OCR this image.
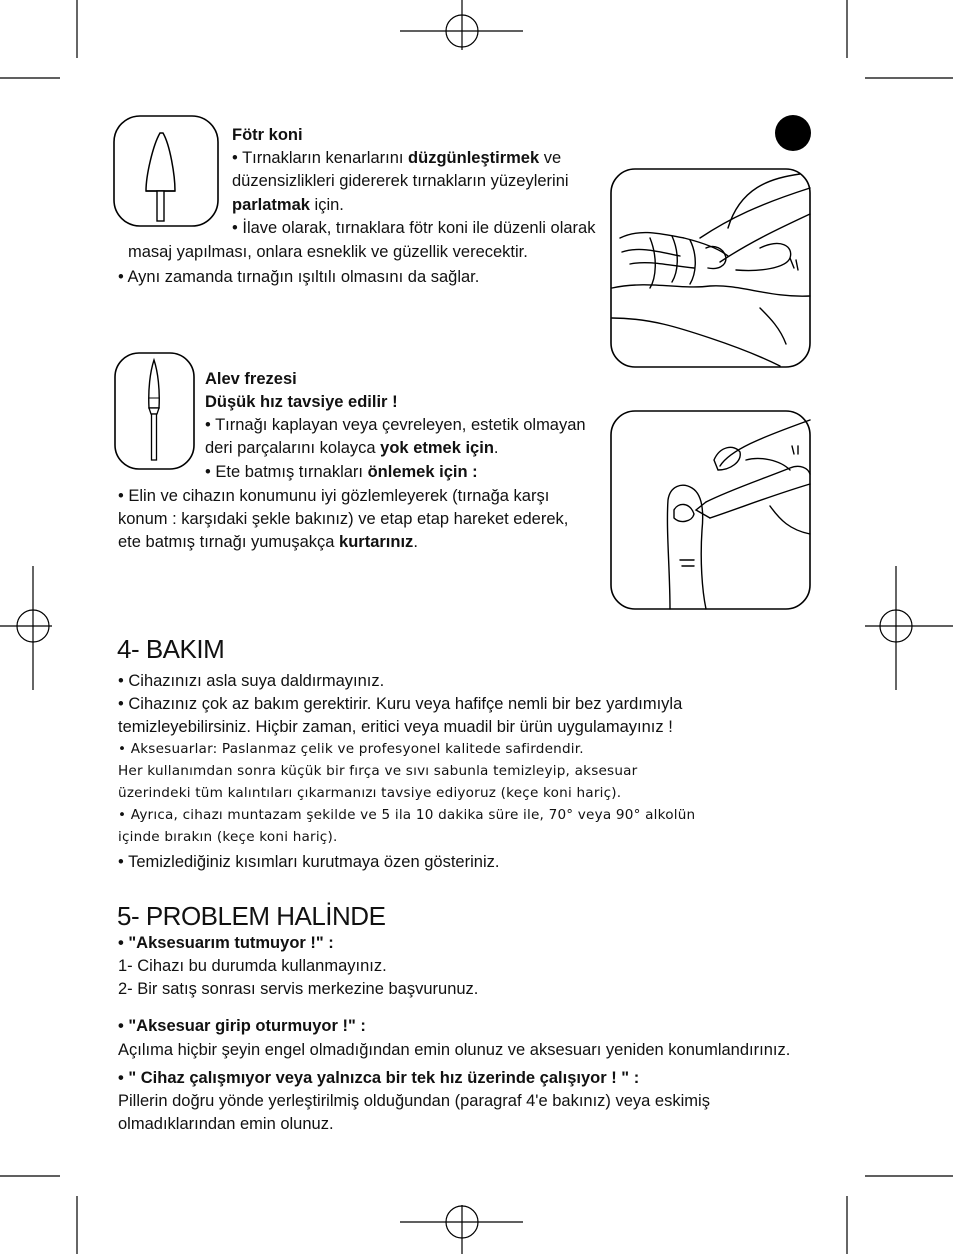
Fötr koni

• Tırnakların kenarlarını düzgünleştirmek ve

düzensizlikleri gidererek tırnakların yüzeylerini

parlatmak için.

• İlave olarak, tırnaklara fötr koni ile düzenli olarak

masaj yapılması, onlara esneklik ve güzellik verecektir.

• Aynı zamanda tırnağın ışıltılı olmasını da sağlar.

Alev frezesi

Düşük hız tavsiye edilir !

• Tırnağı kaplayan veya çevreleyen, estetik olmayan

deri parçalarını kolayca yok etmek için.

• Ete batmış tırnakları önlemek için :

• Elin ve cihazın konumunu iyi gözlemleyerek (tırnağa karşı

konum : karşıdaki şekle bakınız) ve etap etap hareket ederek,

ete batmış tırnağı yumuşakça kurtarınız.

4- BAKIM

• Cihazınızı asla suya daldırmayınız.

• Cihazınız çok az bakım gerektirir. Kuru veya hafifçe nemli bir bez yardımıyla

temizleyebilirsiniz. Hiçbir zaman, eritici veya muadil bir ürün uygulamayınız !

• Aksesuarlar: Paslanmaz çelik ve profesyonel kalitede safirdendir.

Her kullanımdan sonra küçük bir fırça ve sıvı sabunla temizleyip, aksesuar

üzerindeki tüm kalıntıları çıkarmanızı tavsiye ediyoruz (keçe koni hariç).

• Ayrıca, cihazı muntazam şekilde ve 5 ila 10 dakika süre ile, 70° veya 90° alkolün

içinde bırakın (keçe koni hariç).

• Temizlediğiniz kısımları kurutmaya özen gösteriniz.

5- PROBLEM HALİNDE

• "Aksesuarım tutmuyor !" :

1- Cihazı bu durumda kullanmayınız.

2- Bir satış sonrası servis merkezine başvurunuz.

• "Aksesuar girip oturmuyor !" :

Açılıma hiçbir şeyin engel olmadığından emin olunuz ve aksesuarı yeniden konumlandırınız.

• " Cihaz çalışmıyor veya yalnızca bir tek hız üzerinde çalışıyor ! " :

Pillerin doğru yönde yerleştirilmiş olduğundan (paragraf 4'e bakınız) veya eskimiş

olmadıklarından emin olunuz.
